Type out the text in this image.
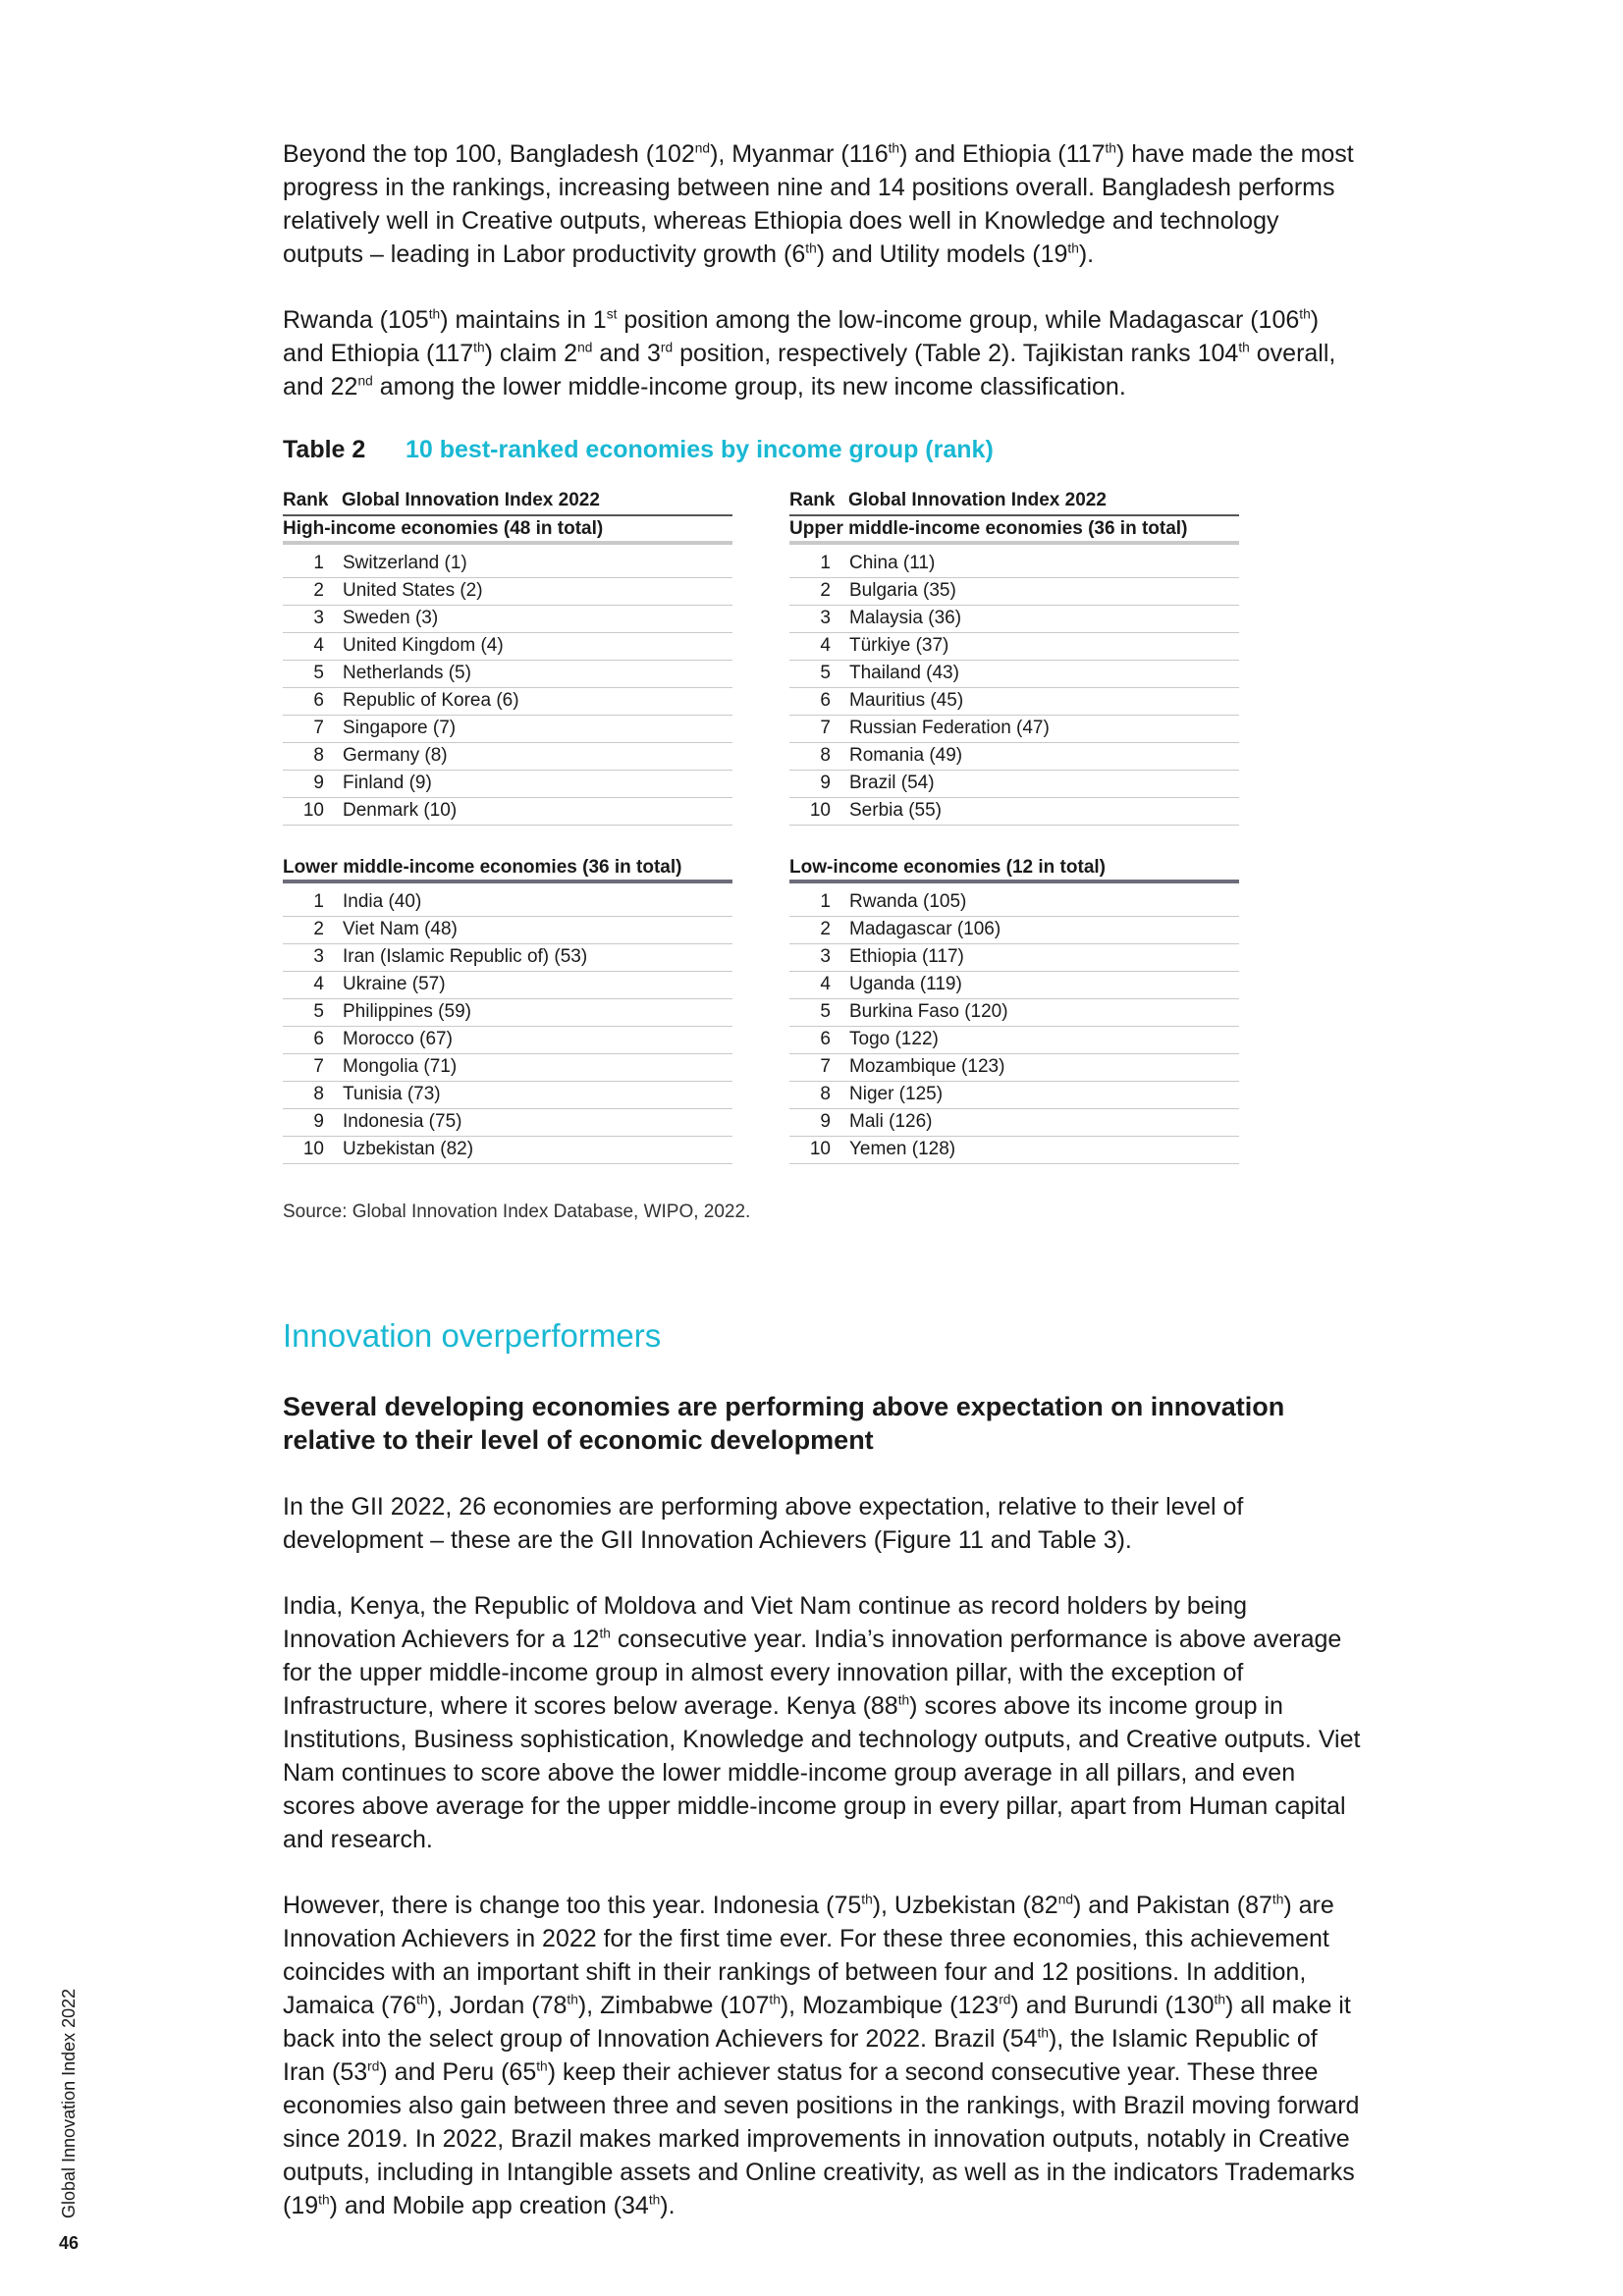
Beyond the top 100, Bangladesh (102nd), Myanmar (116th) and Ethiopia (117th) have made the most progress in the rankings, increasing between nine and 14 positions overall. Bangladesh performs relatively well in Creative outputs, whereas Ethiopia does well in Knowledge and technology outputs – leading in Labor productivity growth (6th) and Utility models (19th).

Rwanda (105th) maintains in 1st position among the low-income group, while Madagascar (106th) and Ethiopia (117th) claim 2nd and 3rd position, respectively (Table 2). Tajikistan ranks 104th overall, and 22nd among the lower middle-income group, its new income classification.

Table 2	10 best-ranked economies by income group (rank)
Rank Global Innovation Index 2022
High-income economies (48 in total)
1	Switzerland (1)
2	United States (2)
3	Sweden (3)
4	United Kingdom (4)
5	Netherlands (5)
6	Republic of Korea (6)
7	Singapore (7)
8	Germany (8)
9	Finland (9)
10	Denmark (10)
Rank Global Innovation Index 2022
Upper middle-income economies (36 in total)
1	China (11)
2	Bulgaria (35)
3	Malaysia (36)
4	Türkiye (37)
5	Thailand (43)
6	Mauritius (45)
7	Russian Federation (47)
8	Romania (49)
9	Brazil (54)
10	Serbia (55)
Lower middle-income economies (36 in total)
1	India (40)
2	Viet Nam (48)
3	Iran (Islamic Republic of) (53)
4	Ukraine (57)
5	Philippines (59)
6	Morocco (67)
7	Mongolia (71)
8	Tunisia (73)
9	Indonesia (75)
10	Uzbekistan (82)
Low-income economies (12 in total)
1	Rwanda (105)
2	Madagascar (106)
3	Ethiopia (117)
4	Uganda (119)
5	Burkina Faso (120)
6	Togo (122)
7	Mozambique (123)
8	Niger (125)
9	Mali (126)
10	Yemen (128)
Source: Global Innovation Index Database, WIPO, 2022.
Innovation overperformers
Several developing economies are performing above expectation on innovation relative to their level of economic development

In the GII 2022, 26 economies are performing above expectation, relative to their level of development – these are the GII Innovation Achievers (Figure 11 and Table 3).

India, Kenya, the Republic of Moldova and Viet Nam continue as record holders by being Innovation Achievers for a 12th consecutive year. India’s innovation performance is above average for the upper middle-income group in almost every innovation pillar, with the exception of Infrastructure, where it scores below average. Kenya (88th) scores above its income group in Institutions, Business sophistication, Knowledge and technology outputs, and Creative outputs. Viet Nam continues to score above the lower middle-income group average in all pillars, and even scores above average for the upper middle-income group in every pillar, apart from Human capital and research.

However, there is change too this year. Indonesia (75th), Uzbekistan (82nd) and Pakistan (87th) are Innovation Achievers in 2022 for the first time ever. For these three economies, this achievement coincides with an important shift in their rankings of between four and 12 positions. In addition, Jamaica (76th), Jordan (78th), Zimbabwe (107th), Mozambique (123rd) and Burundi (130th) all make it back into the select group of Innovation Achievers for 2022. Brazil (54th), the Islamic Republic of Iran (53rd) and Peru (65th) keep their achiever status for a second consecutive year. These three economies also gain between three and seven positions in the rankings, with Brazil moving forward since 2019. In 2022, Brazil makes marked improvements in innovation outputs, notably in Creative outputs, including in Intangible assets and Online creativity, as well as in the indicators Trademarks (19th) and Mobile app creation (34th).

Global Innovation Index 2022
46
